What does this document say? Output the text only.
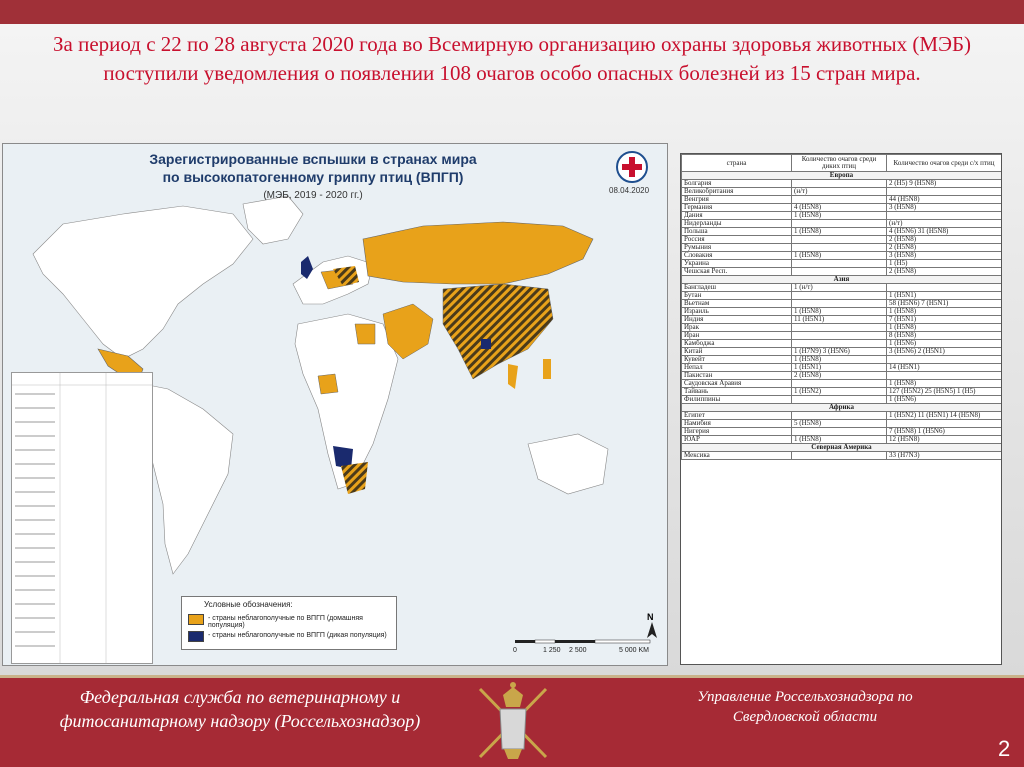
За период с 22 по 28 августа 2020 года во Всемирную организацию охраны здоровья животных (МЭБ) поступили уведомления о появлении 108 очагов особо опасных болезней из 15 стран мира.
Зарегистрированные вспышки в странах мира
по высокопатогенному гриппу птиц (ВПГП)
(МЭБ, 2019 - 2020 гг.)	08.04.2020
Условные обозначения:
- страны неблагополучные по ВПГП (домашняя популяция)
- страны неблагополучные по ВПГП (дикая популяция)
N
0	1 250 2 500	5 000 KM
страна	Количество очагов среди диких птиц	Количество очагов среди с/х птиц
Европа		
Болгария		2 (H5) 9 (H5N8)
Великобритания	(н/т)	
Венгрия		44 (H5N8)
Германия	4 (H5N8)	3 (H5N8)
Дания	1 (H5N8)	
Нидерланды		(н/т)
Польша	1 (H5N8)	4 (H5N6) 31 (H5N8)
Россия		2 (H5N8)
Румыния		2 (H5N8)
Словакия	1 (H5N8)	3 (H5N8)
Украина		1 (H5)
Чешская Респ.		2 (H5N8)
Азия		
Бангладеш	1 (н/т)	
Бутан		1 (H5N1)
Вьетнам		58 (H5N6) 7 (H5N1)
Израиль	1 (H5N8)	1 (H5N8)
Индия	11 (H5N1)	7 (H5N1)
Ирак		1 (H5N8)
Иран		8 (H5N8)
Камбоджа		1 (H5N6)
Китай	1 (H7N9) 3 (H5N6)	3 (H5N6) 2 (H5N1)
Кувейт	1 (H5N8)	
Непал	1 (H5N1)	14 (H5N1)
Пакистан	2 (H5N8)	
Саудовская Аравия		1 (H5N8)
Тайвань	1 (H5N2)	127 (H5N2) 25 (H5N5) 1 (H5)
Филиппины		1 (H5N6)
Африка		
Египет		1 (H5N2) 11 (H5N1) 14 (H5N8)
Намибия	5 (H5N8)	
Нигерия		7 (H5N8) 1 (H5N6)
ЮАР	1 (H5N8)	12 (H5N8)
Северная Америка		
Мексика		33 (H7N3)
Федеральная служба по ветеринарному и
фитосанитарному надзору (Россельхознадзор)
Управление Россельхознадзора по
Свердловской области
2
